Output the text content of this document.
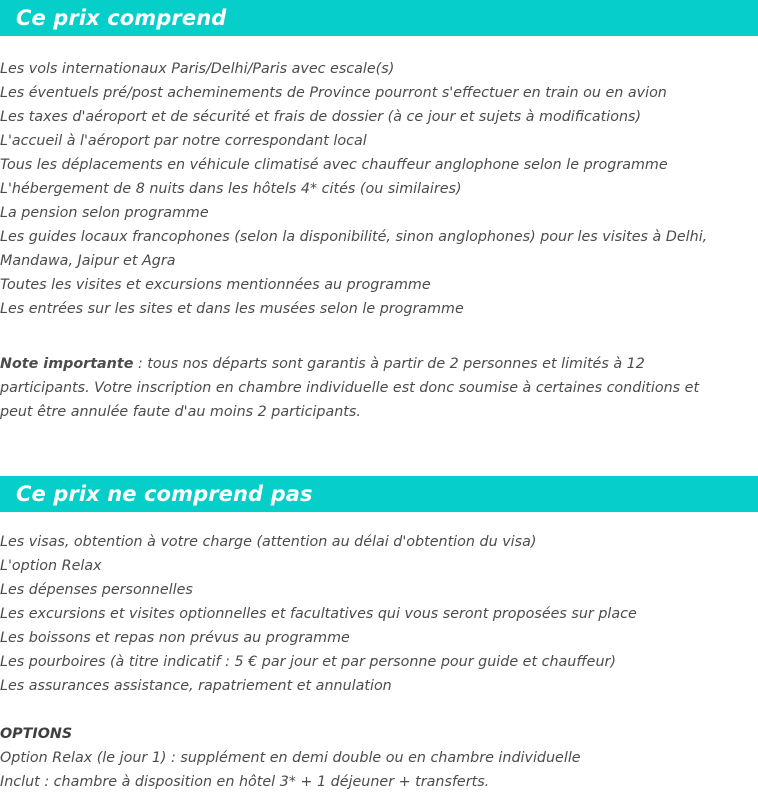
Ce prix comprend
Les vols internationaux Paris/Delhi/Paris avec escale(s)
Les éventuels pré/post acheminements de Province pourront s'effectuer en train ou en avion
Les taxes d'aéroport et de sécurité et frais de dossier (à ce jour et sujets à modifications)
L'accueil à l'aéroport par notre correspondant local
Tous les déplacements en véhicule climatisé avec chauffeur anglophone selon le programme
L'hébergement de 8 nuits dans les hôtels 4* cités (ou similaires)
La pension selon programme
Les guides locaux francophones (selon la disponibilité, sinon anglophones) pour les visites à Delhi, Mandawa, Jaipur et Agra
Toutes les visites et excursions mentionnées au programme
Les entrées sur les sites et dans les musées selon le programme

Note importante : tous nos départs sont garantis à partir de 2 personnes et limités à 12 participants. Votre inscription en chambre individuelle est donc soumise à certaines conditions et peut être annulée faute d'au moins 2 participants.

Ce prix ne comprend pas
Les visas, obtention à votre charge (attention au délai d'obtention du visa)
L'option Relax
Les dépenses personnelles
Les excursions et visites optionnelles et facultatives qui vous seront proposées sur place
Les boissons et repas non prévus au programme
Les pourboires (à titre indicatif : 5 € par jour et par personne pour guide et chauffeur)
Les assurances assistance, rapatriement et annulation

OPTIONS

Option Relax (le jour 1) : supplément en demi double ou en chambre individuelle

Inclut : chambre à disposition en hôtel 3* + 1 déjeuner + transferts.
